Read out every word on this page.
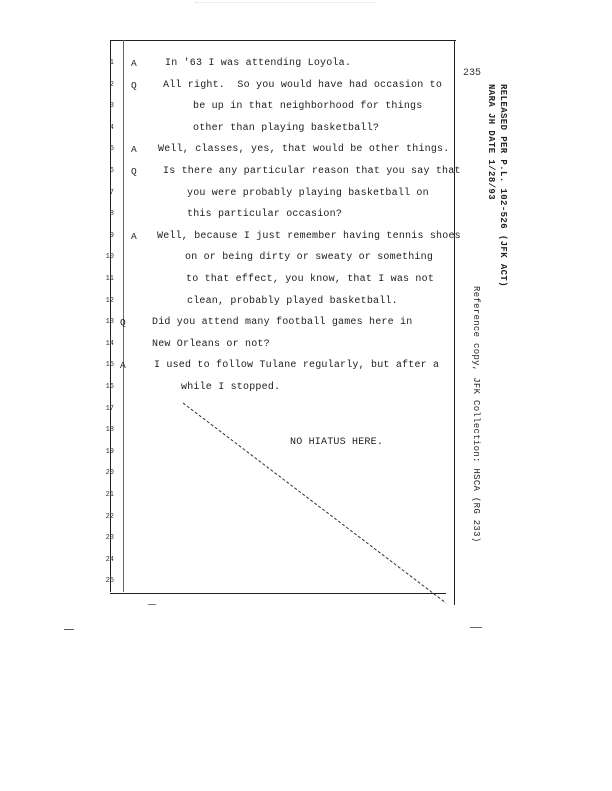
235
1
2
3
4
5
6
7
8
9
10
11
12
13
14
15
16
17
18
19
20
21
22
23
24
25
A
Q
A
Q
A
Q
A
In '63 I was attending Loyola.
All right.  So you would have had occasion to
be up in that neighborhood for things
other than playing basketball?
Well, classes, yes, that would be other things.
Is there any particular reason that you say that
you were probably playing basketball on
this particular occasion?
Well, because I just remember having tennis shoes
on or being dirty or sweaty or something
to that effect, you know, that I was not
clean, probably played basketball.
Did you attend many football games here in
New Orleans or not?
I used to follow Tulane regularly, but after a
while I stopped.
NO HIATUS HERE.
RELEASED PER P.L. 102-526 (JFK ACT)
NARA JH DATE 1/28/93
Reference copy, JFK Collection: HSCA (RG 233)
